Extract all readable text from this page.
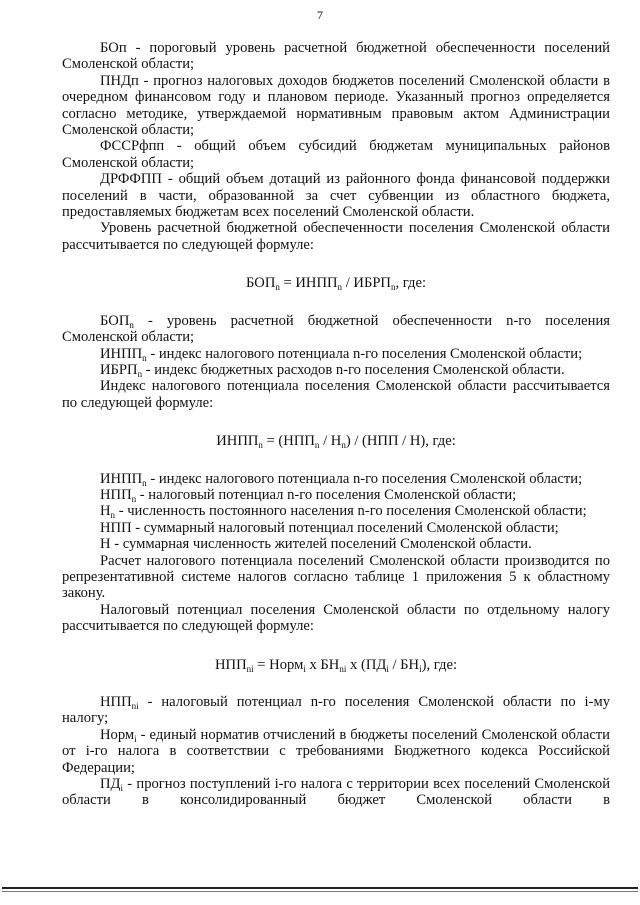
7

БОп - пороговый уровень расчетной бюджетной обеспеченности поселений Смоленской области;

ПНДп - прогноз налоговых доходов бюджетов поселений Смоленской области в очередном финансовом году и плановом периоде. Указанный прогноз определяется согласно методике, утверждаемой нормативным правовым актом Администрации Смоленской области;

ФССРфпп - общий объем субсидий бюджетам муниципальных районов Смоленской области;

ДРФФПП - общий объем дотаций из районного фонда финансовой поддержки поселений в части, образованной за счет субвенции из областного бюджета, предоставляемых бюджетам всех поселений Смоленской области.

Уровень расчетной бюджетной обеспеченности поселения Смоленской области рассчитывается по следующей формуле:

$БОП_n$ = $ИНПП_n$ / $ИБРП_n$, где:

$БОП_n$ - уровень расчетной бюджетной обеспеченности n-го поселения Смоленской области;

$ИНПП_n$ - индекс налогового потенциала n-го поселения Смоленской области;

$ИБРП_n$ - индекс бюджетных расходов n-го поселения Смоленской области.

Индекс налогового потенциала поселения Смоленской области рассчитывается по следующей формуле:

$ИНПП_n = (НПП_n / Н_n) / (НПП / Н)$, где:

$ИНПП_n$ - индекс налогового потенциала n-го поселения Смоленской области;

$НПП_n$ - налоговый потенциал n-го поселения Смоленской области;

$Н_n$ - численность постоянного населения n-го поселения Смоленской области;

НПП - суммарный налоговый потенциал поселений Смоленской области;

Н - суммарная численность жителей поселений Смоленской области.

Расчет налогового потенциала поселений Смоленской области производится по репрезентативной системе налогов согласно таблице 1 приложения 5 к областному закону.

Налоговый потенциал поселения Смоленской области по отдельному налогу рассчитывается по следующей формуле:

$НПП_{ni}$ = Норм$_i$ х $БН_{ni}$ х $(ПД_i / БН_i)$, где:

$НПП_{ni}$ - налоговый потенциал n-го поселения Смоленской области по i-му налогу;

Норм$_i$ - единый норматив отчислений в бюджеты поселений Смоленской области от i-го налога в соответствии с требованиями Бюджетного кодекса Российской Федерации;

$ПД_i$ - прогноз поступлений i-го налога с территории всех поселений Смоленской области в консолидированный бюджет Смоленской области в
